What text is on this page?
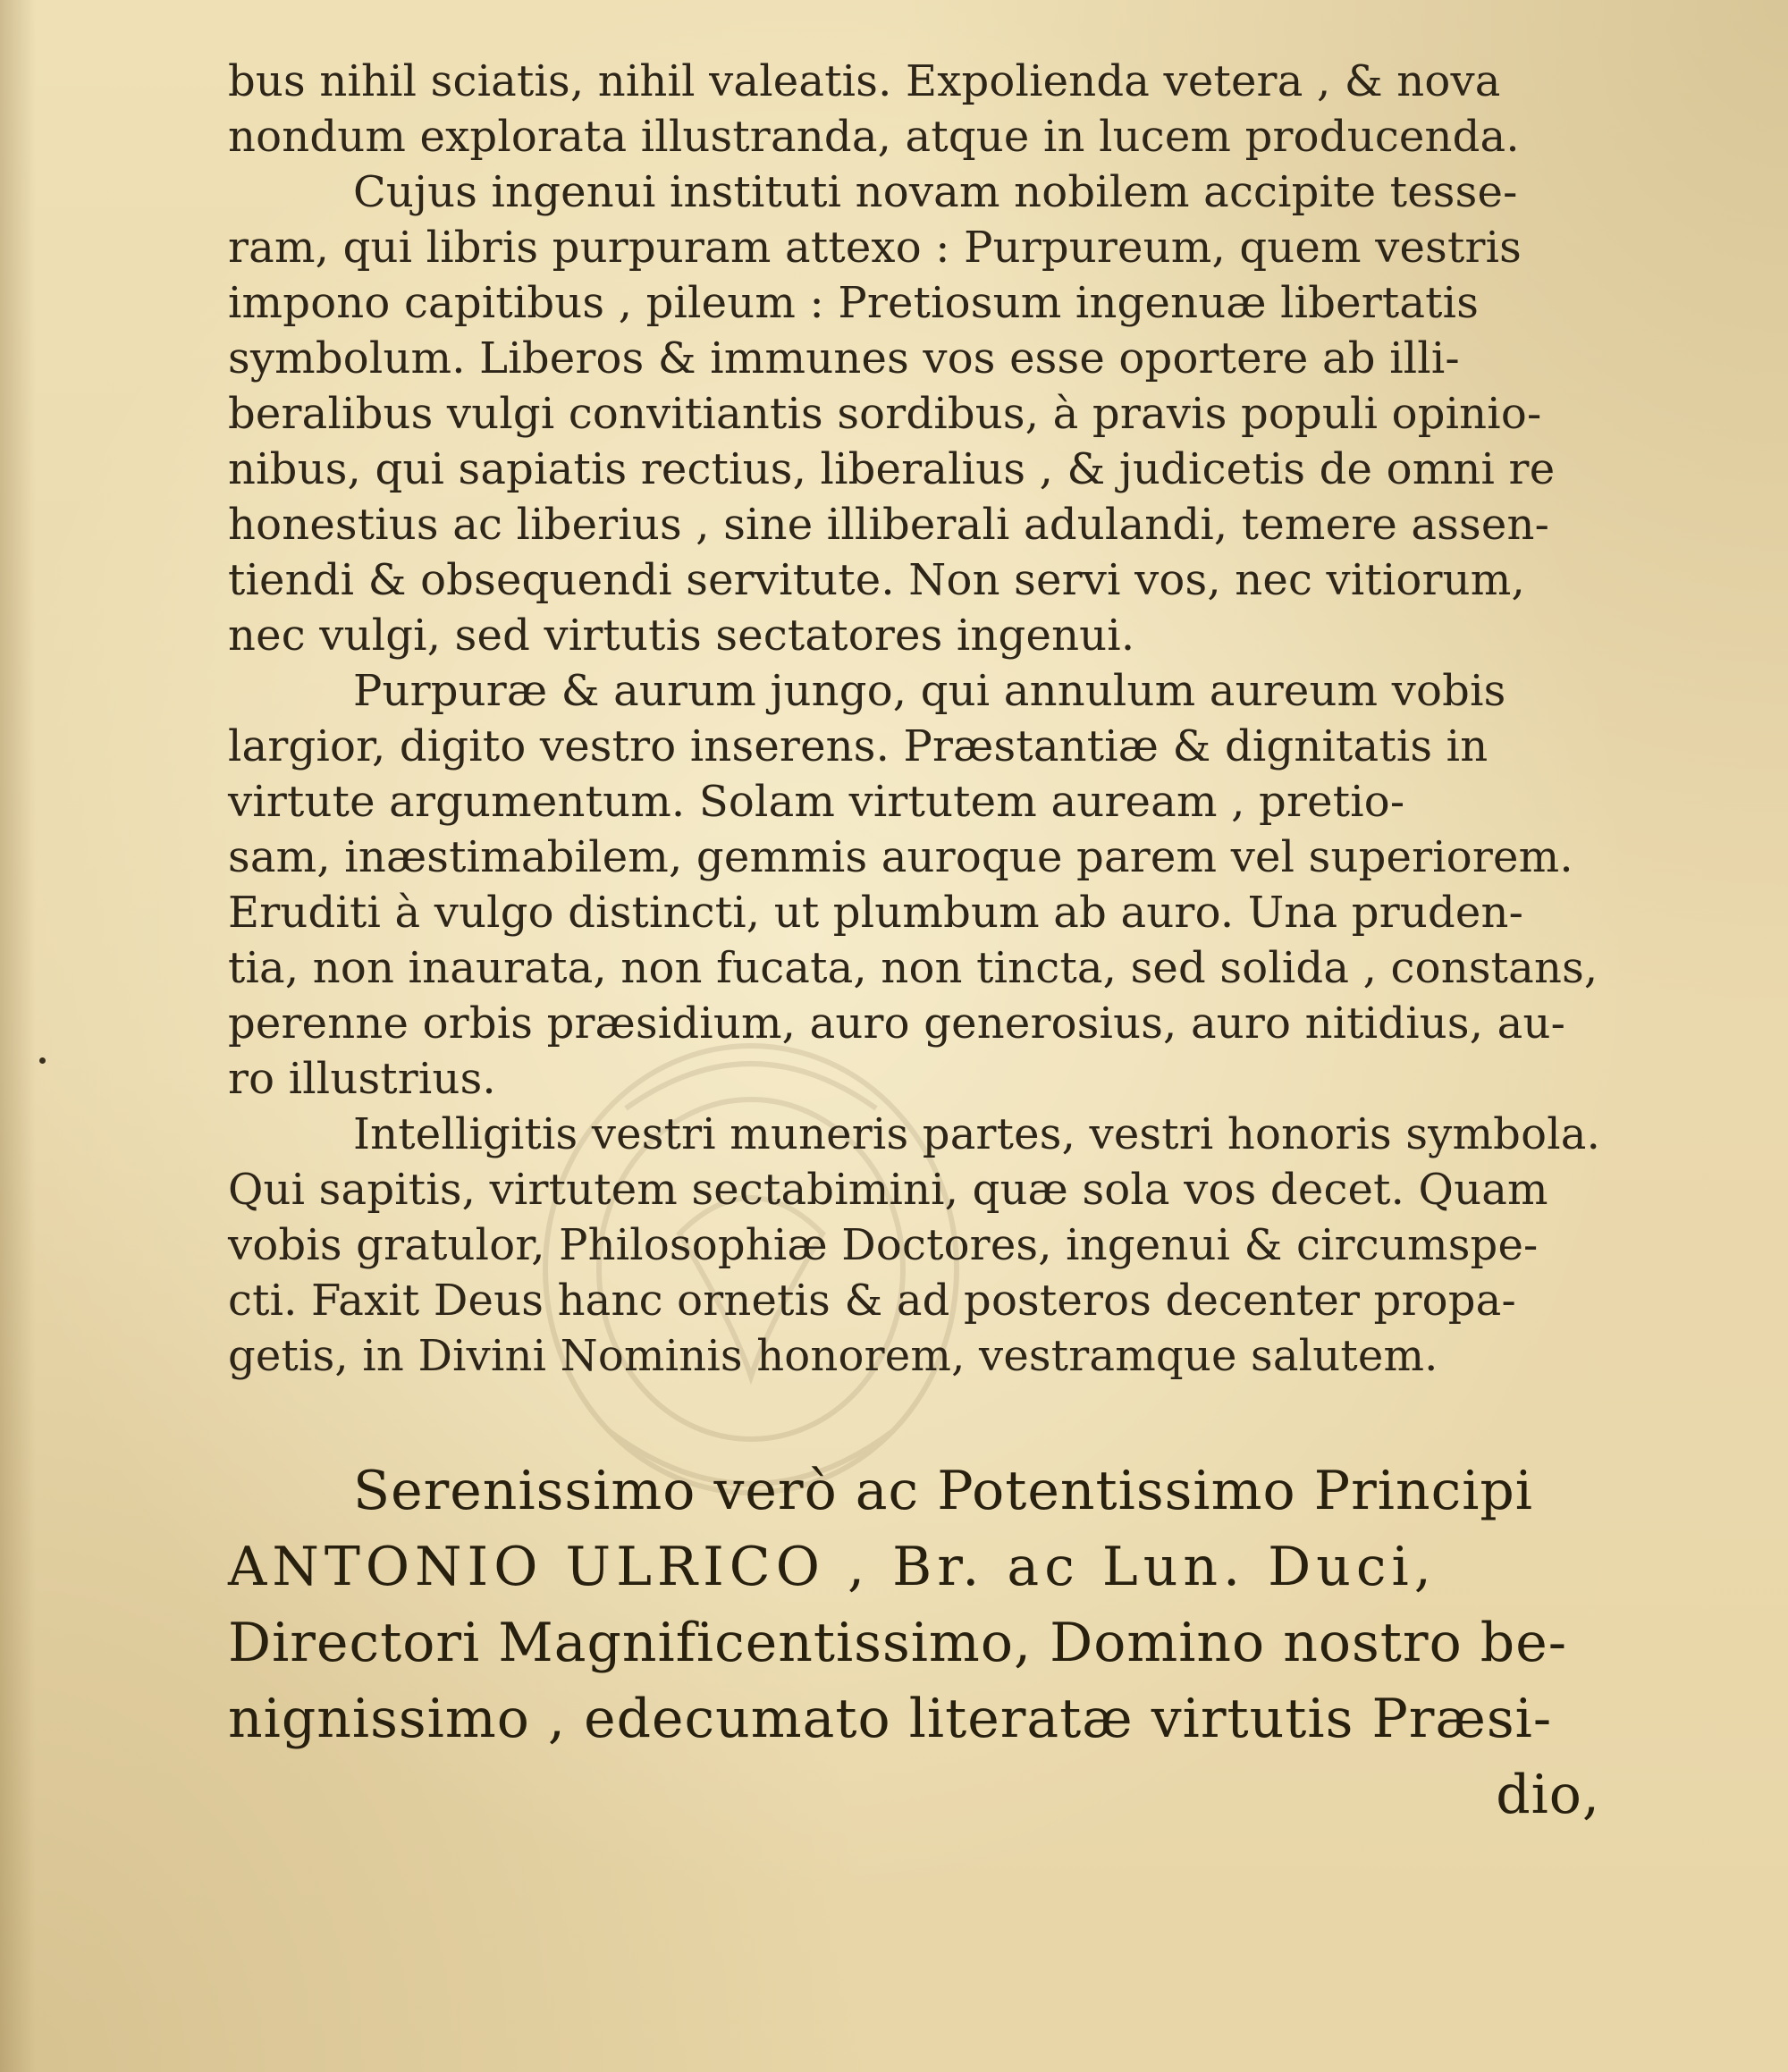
bus nihil sciatis, nihil valeatis. Expolienda vetera , & nova
nondum explorata illustranda, atque in lucem producenda.
Cujus ingenui instituti novam nobilem accipite tesse-
ram, qui libris purpuram attexo : Purpureum, quem vestris
impono capitibus , pileum : Pretiosum ingenuæ libertatis
symbolum. Liberos & immunes vos esse oportere ab illi-
beralibus vulgi convitiantis sordibus, à pravis populi opinio-
nibus, qui sapiatis rectius, liberalius , & judicetis de omni re
honestius ac liberius , sine illiberali adulandi, temere assen-
tiendi & obsequendi servitute. Non servi vos, nec vitiorum,
nec vulgi, sed virtutis sectatores ingenui.
Purpuræ & aurum jungo, qui annulum aureum vobis
largior, digito vestro inserens. Præstantiæ & dignitatis in
virtute argumentum. Solam virtutem auream , pretio-
sam, inæstimabilem, gemmis auroque parem vel superiorem.
Eruditi à vulgo distincti, ut plumbum ab auro. Una pruden-
tia, non inaurata, non fucata, non tincta, sed solida , constans,
perenne orbis præsidium, auro generosius, auro nitidius, au-
ro illustrius.
Intelligitis vestri muneris partes, vestri honoris symbola.
Qui sapitis, virtutem sectabimini, quæ sola vos decet. Quam
vobis gratulor, Philosophiæ Doctores, ingenui & circumspe-
cti. Faxit Deus hanc ornetis & ad posteros decenter propa-
getis, in Divini Nominis honorem, vestramque salutem.
Serenissimo verò ac Potentissimo Principi
ANTONIO ULRICO , Br. ac Lun. Duci,
Directori Magnificentissimo, Domino nostro be-
nignissimo , edecumato literatæ virtutis Præsi-
dio,
